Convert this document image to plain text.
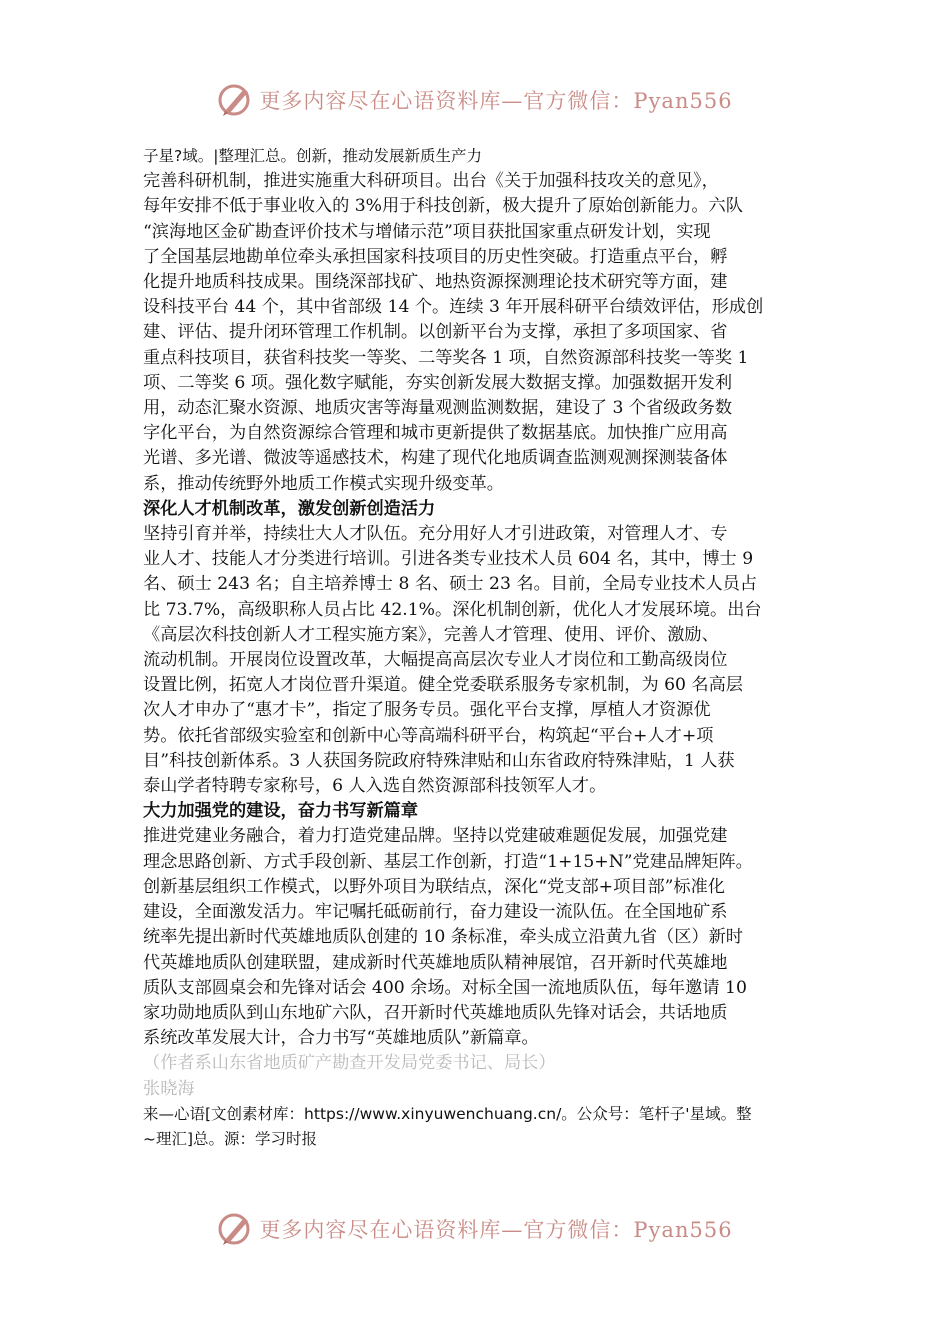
更多内容尽在心语资料库—官方微信：Pyan556
子星?域。|整理汇总。创新，推动发展新质生产力
完善科研机制，推进实施重大科研项目。出台《关于加强科技攻关的意见》，
每年安排不低于事业收入的 3%用于科技创新，极大提升了原始创新能力。六队
“滨海地区金矿勘查评价技术与增储示范”项目获批国家重点研发计划，实现
了全国基层地勘单位牵头承担国家科技项目的历史性突破。打造重点平台，孵
化提升地质科技成果。围绕深部找矿、地热资源探测理论技术研究等方面，建
设科技平台 44 个，其中省部级 14 个。连续 3 年开展科研平台绩效评估，形成创
建、评估、提升闭环管理工作机制。以创新平台为支撑，承担了多项国家、省
重点科技项目，获省科技奖一等奖、二等奖各 1 项，自然资源部科技奖一等奖 1
项、二等奖 6 项。强化数字赋能，夯实创新发展大数据支撑。加强数据开发利
用，动态汇聚水资源、地质灾害等海量观测监测数据，建设了 3 个省级政务数
字化平台，为自然资源综合管理和城市更新提供了数据基底。加快推广应用高
光谱、多光谱、微波等遥感技术，构建了现代化地质调查监测观测探测装备体
系，推动传统野外地质工作模式实现升级变革。
深化人才机制改革，激发创新创造活力
坚持引育并举，持续壮大人才队伍。充分用好人才引进政策，对管理人才、专
业人才、技能人才分类进行培训。引进各类专业技术人员 604 名，其中，博士 9
名、硕士 243 名；自主培养博士 8 名、硕士 23 名。目前，全局专业技术人员占
比 73.7%，高级职称人员占比 42.1%。深化机制创新，优化人才发展环境。出台
《高层次科技创新人才工程实施方案》，完善人才管理、使用、评价、激励、
流动机制。开展岗位设置改革，大幅提高高层次专业人才岗位和工勤高级岗位
设置比例，拓宽人才岗位晋升渠道。健全党委联系服务专家机制，为 60 名高层
次人才申办了“惠才卡”，指定了服务专员。强化平台支撑，厚植人才资源优
势。依托省部级实验室和创新中心等高端科研平台，构筑起“平台+人才+项
目”科技创新体系。3 人获国务院政府特殊津贴和山东省政府特殊津贴，1 人获
泰山学者特聘专家称号，6 人入选自然资源部科技领军人才。
大力加强党的建设，奋力书写新篇章
推进党建业务融合，着力打造党建品牌。坚持以党建破难题促发展，加强党建
理念思路创新、方式手段创新、基层工作创新，打造“1+15+N”党建品牌矩阵。
创新基层组织工作模式，以野外项目为联结点，深化“党支部+项目部”标准化
建设，全面激发活力。牢记嘱托砥砺前行，奋力建设一流队伍。在全国地矿系
统率先提出新时代英雄地质队创建的 10 条标准，牵头成立沿黄九省（区）新时
代英雄地质队创建联盟，建成新时代英雄地质队精神展馆，召开新时代英雄地
质队支部圆桌会和先锋对话会 400 余场。对标全国一流地质队伍，每年邀请 10
家功勋地质队到山东地矿六队，召开新时代英雄地质队先锋对话会，共话地质
系统改革发展大计，合力书写“英雄地质队”新篇章。
（作者系山东省地质矿产勘查开发局党委书记、局长）
张晓海
来—心语[文创素材库：https://www.xinyuwenchuang.cn/。公众号：笔杆子'星域。整
~理汇]总。源：学习时报
更多内容尽在心语资料库—官方微信：Pyan556
